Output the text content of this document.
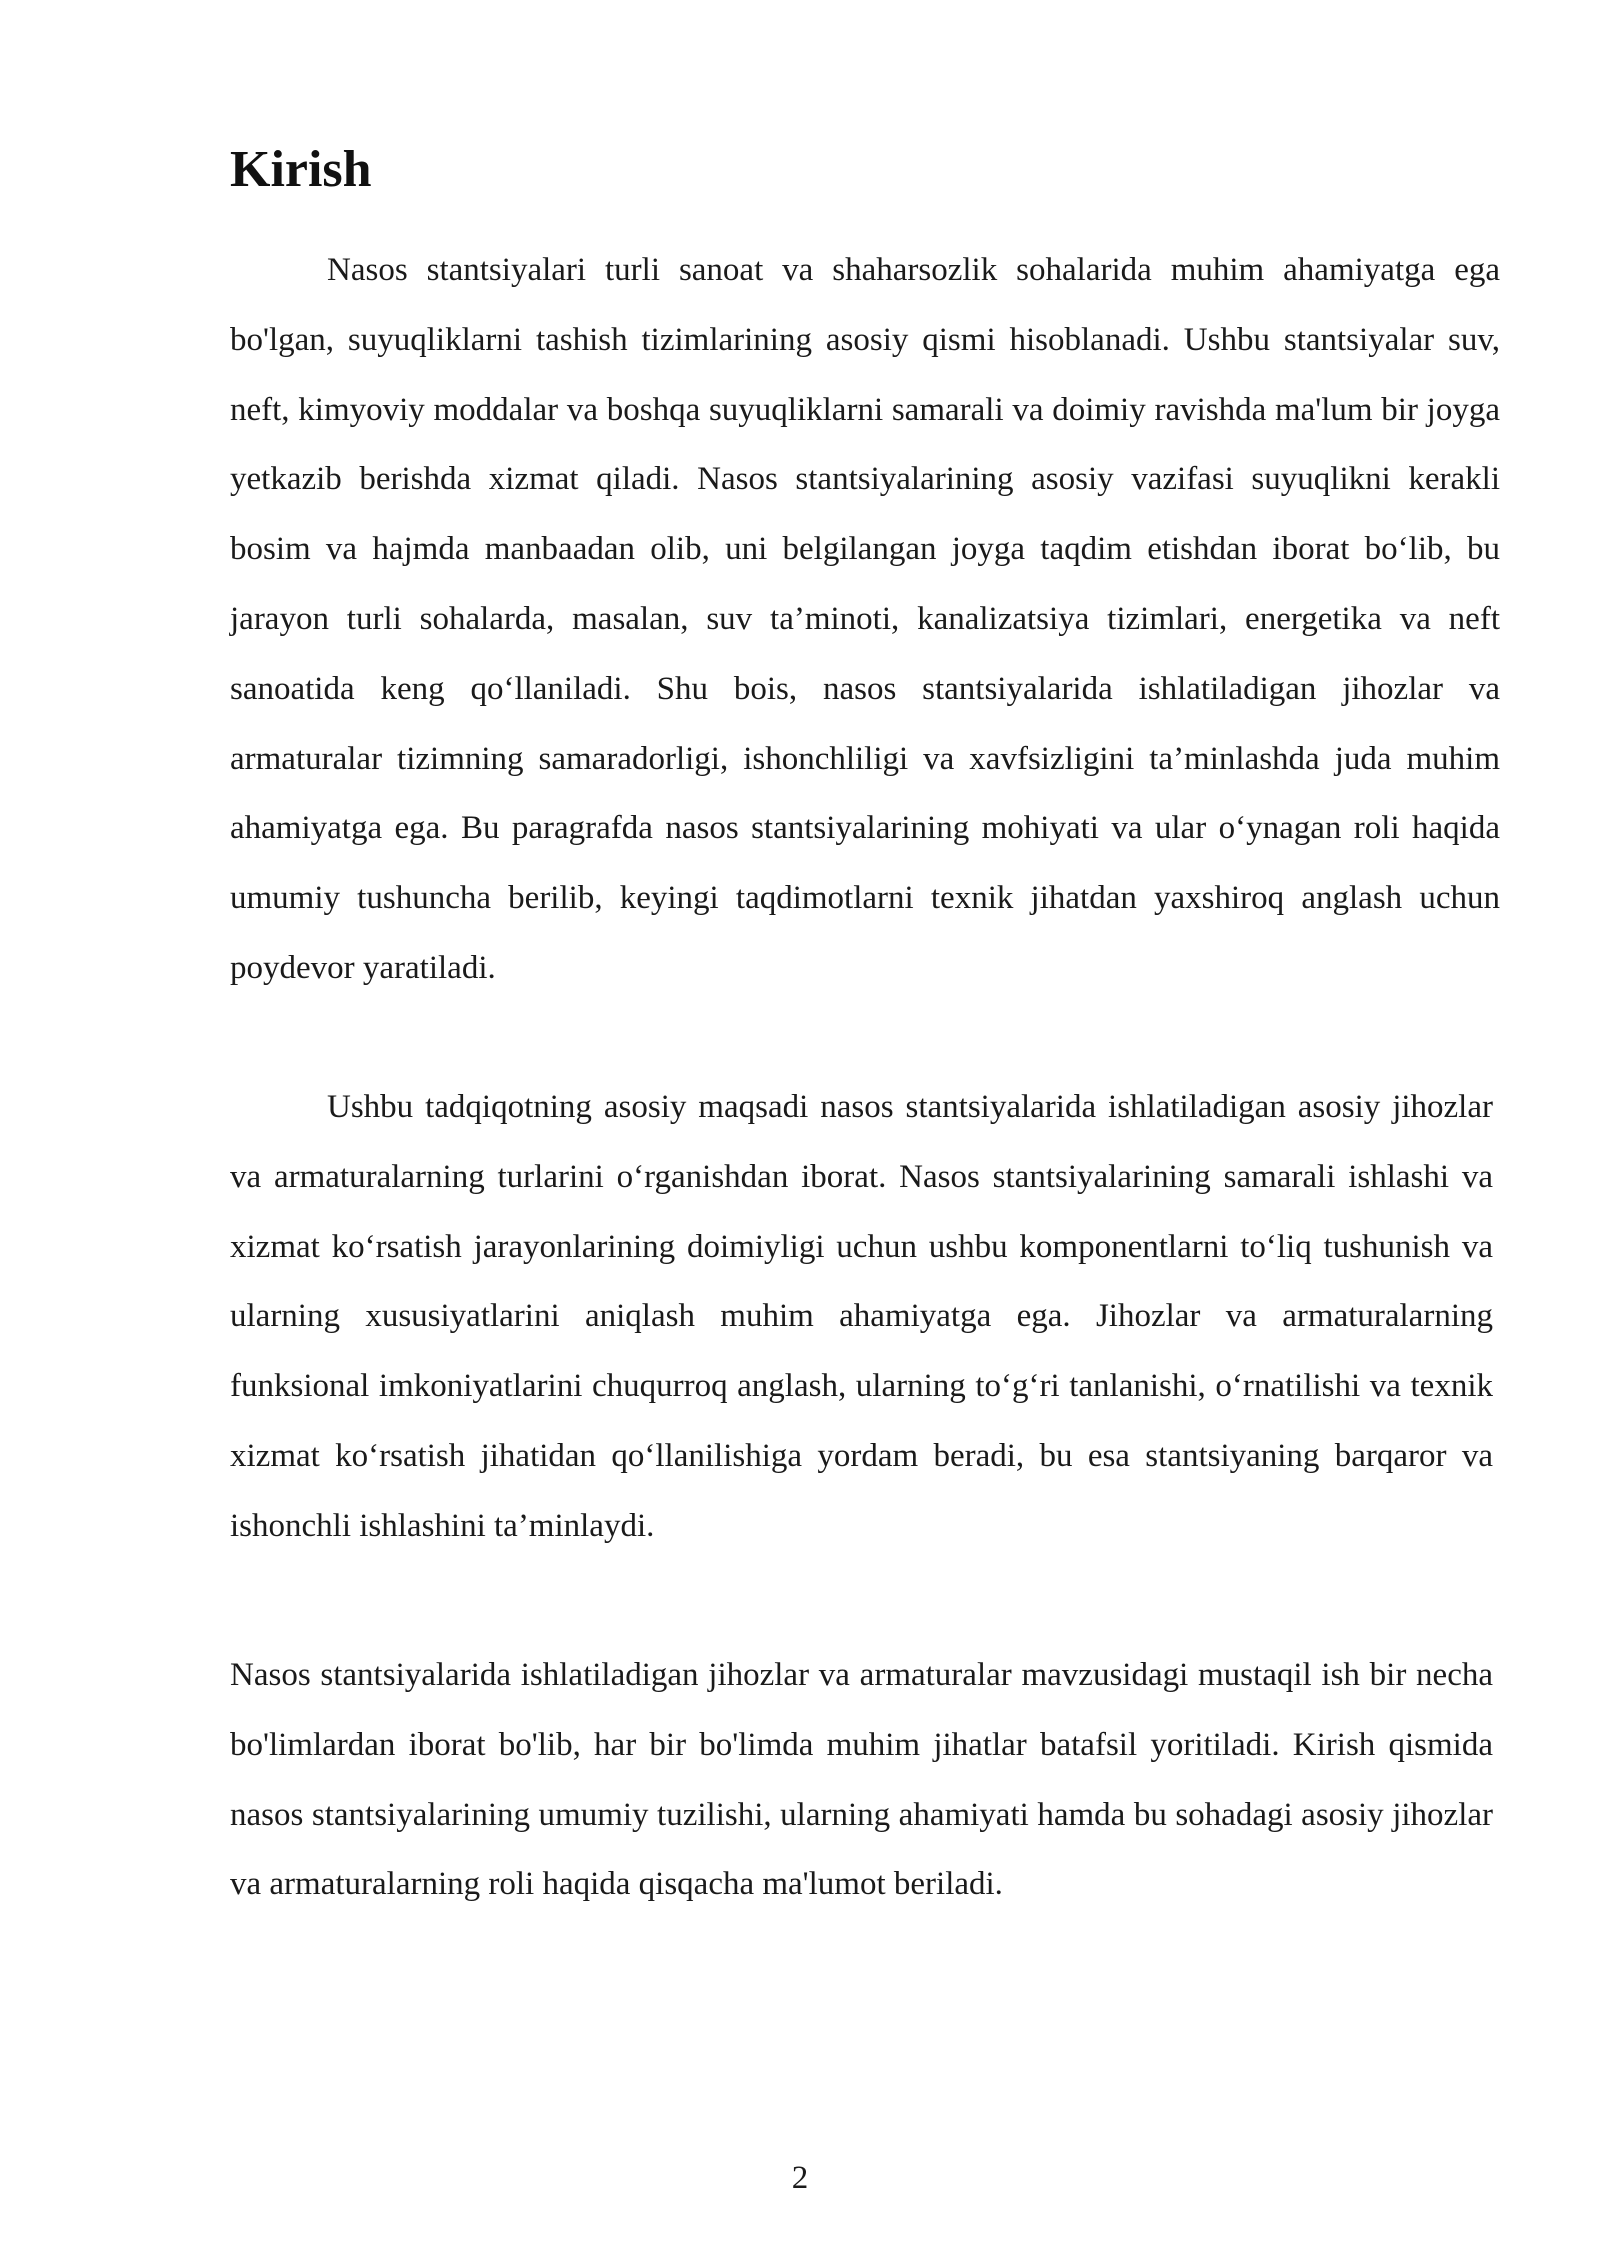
Kirish

Nasos stantsiyalari turli sanoat va shaharsozlik sohalarida muhim ahamiyatga ega bo'lgan, suyuqliklarni tashish tizimlarining asosiy qismi hisoblanadi. Ushbu stantsiyalar suv, neft, kimyoviy moddalar va boshqa suyuqliklarni samarali va doimiy ravishda ma'lum bir joyga yetkazib berishda xizmat qiladi. Nasos stantsiyalarining asosiy vazifasi suyuqlikni kerakli bosim va hajmda manbaadan olib, uni belgilangan joyga taqdim etishdan iborat bo‘lib, bu jarayon turli sohalarda, masalan, suv ta’minoti, kanalizatsiya tizimlari, energetika va neft sanoatida keng qo‘llaniladi. Shu bois, nasos stantsiyalarida ishlatiladigan jihozlar va armaturalar tizimning samaradorligi, ishonchliligi va xavfsizligini ta’minlashda juda muhim ahamiyatga ega. Bu paragrafda nasos stantsiyalarining mohiyati va ular o‘ynagan roli haqida umumiy tushuncha berilib, keyingi taqdimotlarni texnik jihatdan yaxshiroq anglash uchun poydevor yaratiladi.

Ushbu tadqiqotning asosiy maqsadi nasos stantsiyalarida ishlatiladigan asosiy jihozlar va armaturalarning turlarini o‘rganishdan iborat. Nasos stantsiyalarining samarali ishlashi va xizmat ko‘rsatish jarayonlarining doimiyligi uchun ushbu komponentlarni to‘liq tushunish va ularning xususiyatlarini aniqlash muhim ahamiyatga ega. Jihozlar va armaturalarning funksional imkoniyatlarini chuqurroq anglash, ularning to‘g‘ri tanlanishi, o‘rnatilishi va texnik xizmat ko‘rsatish jihatidan qo‘llanilishiga yordam beradi, bu esa stantsiyaning barqaror va ishonchli ishlashini ta’minlaydi.

Nasos stantsiyalarida ishlatiladigan jihozlar va armaturalar mavzusidagi mustaqil ish bir necha bo'limlardan iborat bo'lib, har bir bo'limda muhim jihatlar batafsil yoritiladi. Kirish qismida nasos stantsiyalarining umumiy tuzilishi, ularning ahamiyati hamda bu sohadagi asosiy jihozlar va armaturalarning roli haqida qisqacha ma'lumot beriladi.

2
